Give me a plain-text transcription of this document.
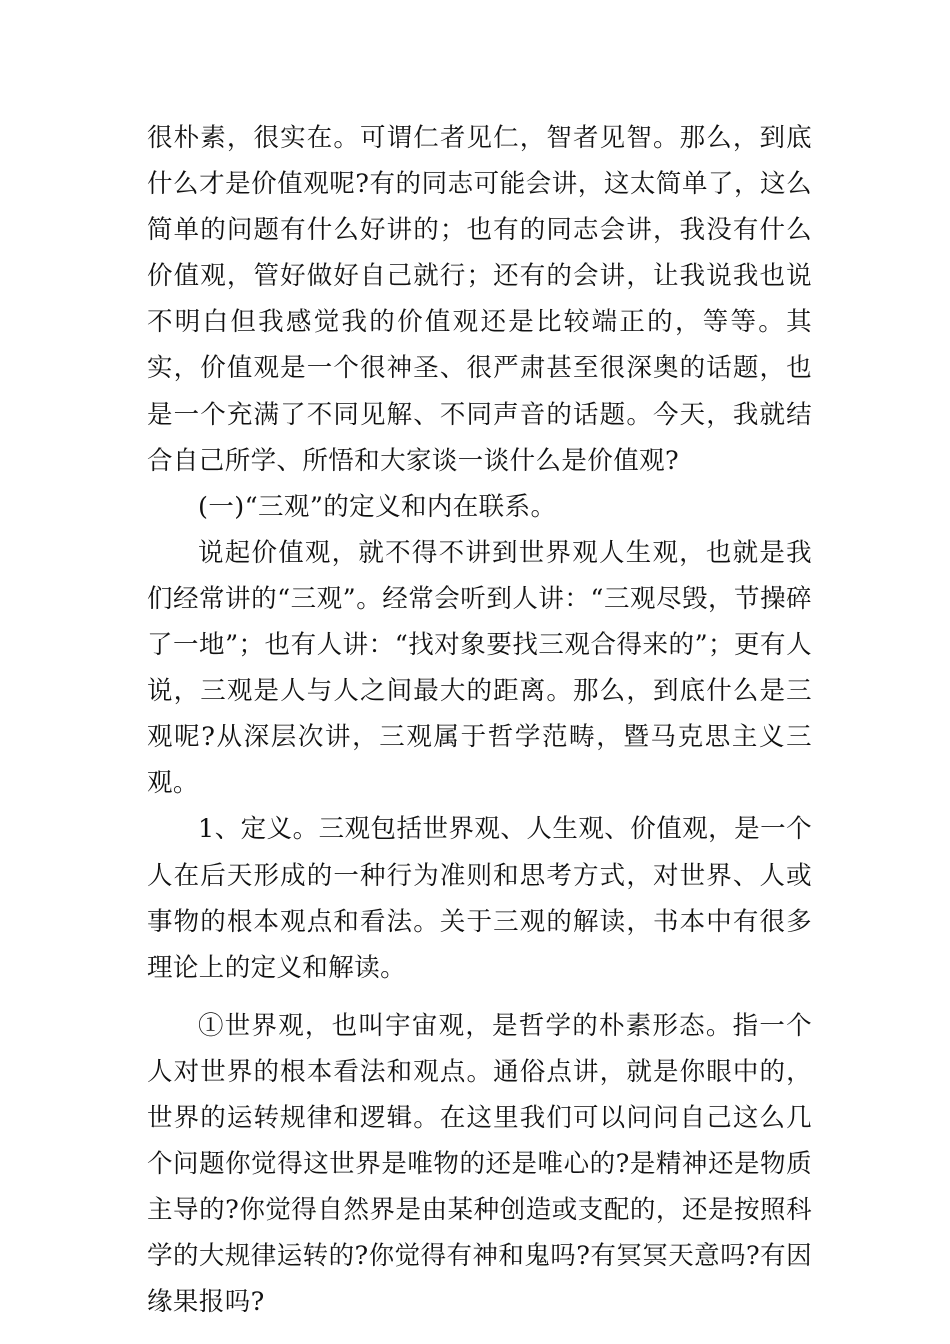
很朴素，很实在。可谓仁者见仁，智者见智。那么，到底什么才是价值观呢?有的同志可能会讲，这太简单了，这么简单的问题有什么好讲的；也有的同志会讲，我没有什么价值观，管好做好自己就行；还有的会讲，让我说我也说不明白但我感觉我的价值观还是比较端正的，等等。其实，价值观是一个很神圣、很严肃甚至很深奥的话题，也是一个充满了不同见解、不同声音的话题。今天，我就结合自己所学、所悟和大家谈一谈什么是价值观?

(一)“三观”的定义和内在联系。

说起价值观，就不得不讲到世界观人生观，也就是我们经常讲的“三观”。经常会听到人讲：“三观尽毁，节操碎了一地”；也有人讲：“找对象要找三观合得来的”；更有人说，三观是人与人之间最大的距离。那么，到底什么是三观呢?从深层次讲，三观属于哲学范畴，暨马克思主义三观。

1、定义。三观包括世界观、人生观、价值观，是一个人在后天形成的一种行为准则和思考方式，对世界、人或事物的根本观点和看法。关于三观的解读，书本中有很多理论上的定义和解读。

①世界观，也叫宇宙观，是哲学的朴素形态。指一个人对世界的根本看法和观点。通俗点讲，就是你眼中的，世界的运转规律和逻辑。在这里我们可以问问自己这么几个问题你觉得这世界是唯物的还是唯心的?是精神还是物质主导的?你觉得自然界是由某种创造或支配的，还是按照科学的大规律运转的?你觉得有神和鬼吗?有冥冥天意吗?有因缘果报吗?
